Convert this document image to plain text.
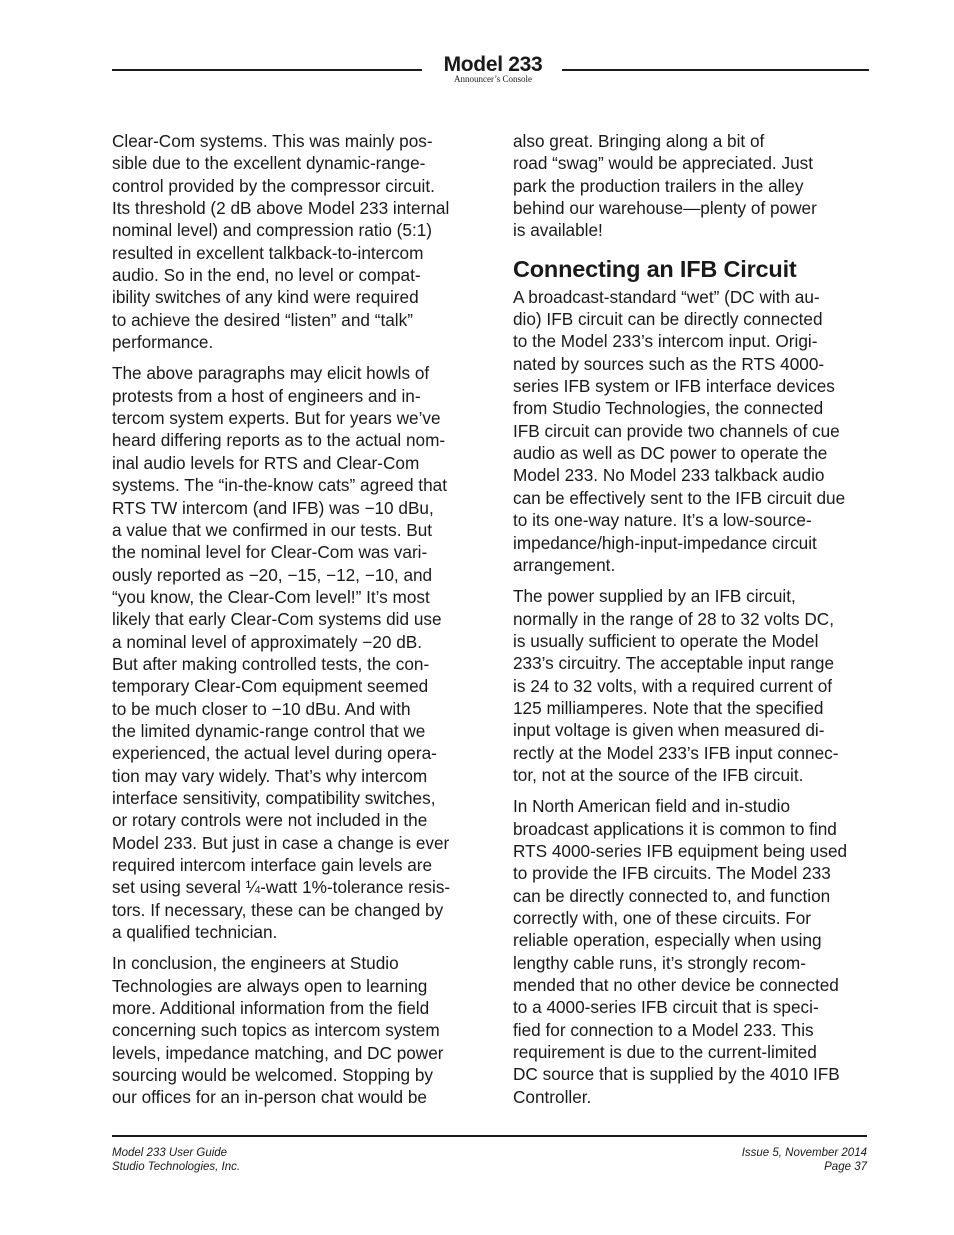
Model 233
Announcer’s Console
Clear-Com systems. This was mainly pos-
sible due to the excellent dynamic-range-
control provided by the compressor circuit.
Its threshold (2 dB above Model 233 internal
nominal level) and compression ratio (5:1)
resulted in excellent talkback-to-intercom
audio. So in the end, no level or compat-
ibility switches of any kind were required
to achieve the desired “listen” and “talk”
performance.
The above paragraphs may elicit howls of
protests from a host of engineers and in-
tercom system experts. But for years we’ve
heard differing reports as to the actual nom-
inal audio levels for RTS and Clear-Com
systems. The “in-the-know cats” agreed that
RTS TW intercom (and IFB) was −10 dBu,
a value that we confirmed in our tests. But
the nominal level for Clear-Com was vari-
ously reported as −20, −15, −12, −10, and
“you know, the Clear-Com level!” It’s most
likely that early Clear-Com systems did use
a nominal level of approximately −20 dB.
But after making controlled tests, the con-
temporary Clear-Com equipment seemed
to be much closer to −10 dBu. And with
the limited dynamic-range control that we
experienced, the actual level during opera-
tion may vary widely. That’s why intercom
interface sensitivity, compatibility switches,
or rotary controls were not included in the
Model 233. But just in case a change is ever
required intercom interface gain levels are
set using several ¼-watt 1%-tolerance resis-
tors. If necessary, these can be changed by
a qualified technician.
In conclusion, the engineers at Studio
Technologies are always open to learning
more. Additional information from the field
concerning such topics as intercom system
levels, impedance matching, and DC power
sourcing would be welcomed. Stopping by
our offices for an in-person chat would be
also great. Bringing along a bit of
road “swag” would be appreciated. Just
park the production trailers in the alley
behind our warehouse—plenty of power
is available!
Connecting an IFB Circuit
A broadcast-standard “wet” (DC with au-
dio) IFB circuit can be directly connected
to the Model 233’s intercom input. Origi-
nated by sources such as the RTS 4000-
series IFB system or IFB interface devices
from Studio Technologies, the connected
IFB circuit can provide two channels of cue
audio as well as DC power to operate the
Model 233. No Model 233 talkback audio
can be effectively sent to the IFB circuit due
to its one-way nature. It’s a low-source-
impedance/high-input-impedance circuit
arrangement.
The power supplied by an IFB circuit,
normally in the range of 28 to 32 volts DC,
is usually sufficient to operate the Model
233’s circuitry. The acceptable input range
is 24 to 32 volts, with a required current of
125 milliamperes. Note that the specified
input voltage is given when measured di-
rectly at the Model 233’s IFB input connec-
tor, not at the source of the IFB circuit.
In North American field and in-studio
broadcast applications it is common to find
RTS 4000-series IFB equipment being used
to provide the IFB circuits. The Model 233
can be directly connected to, and function
correctly with, one of these circuits. For
reliable operation, especially when using
lengthy cable runs, it’s strongly recom-
mended that no other device be connected
to a 4000-series IFB circuit that is speci-
fied for connection to a Model 233. This
requirement is due to the current-limited
DC source that is supplied by the 4010 IFB
Controller.
Model 233 User Guide
Studio Technologies, Inc.
Issue 5, November 2014
Page 37
